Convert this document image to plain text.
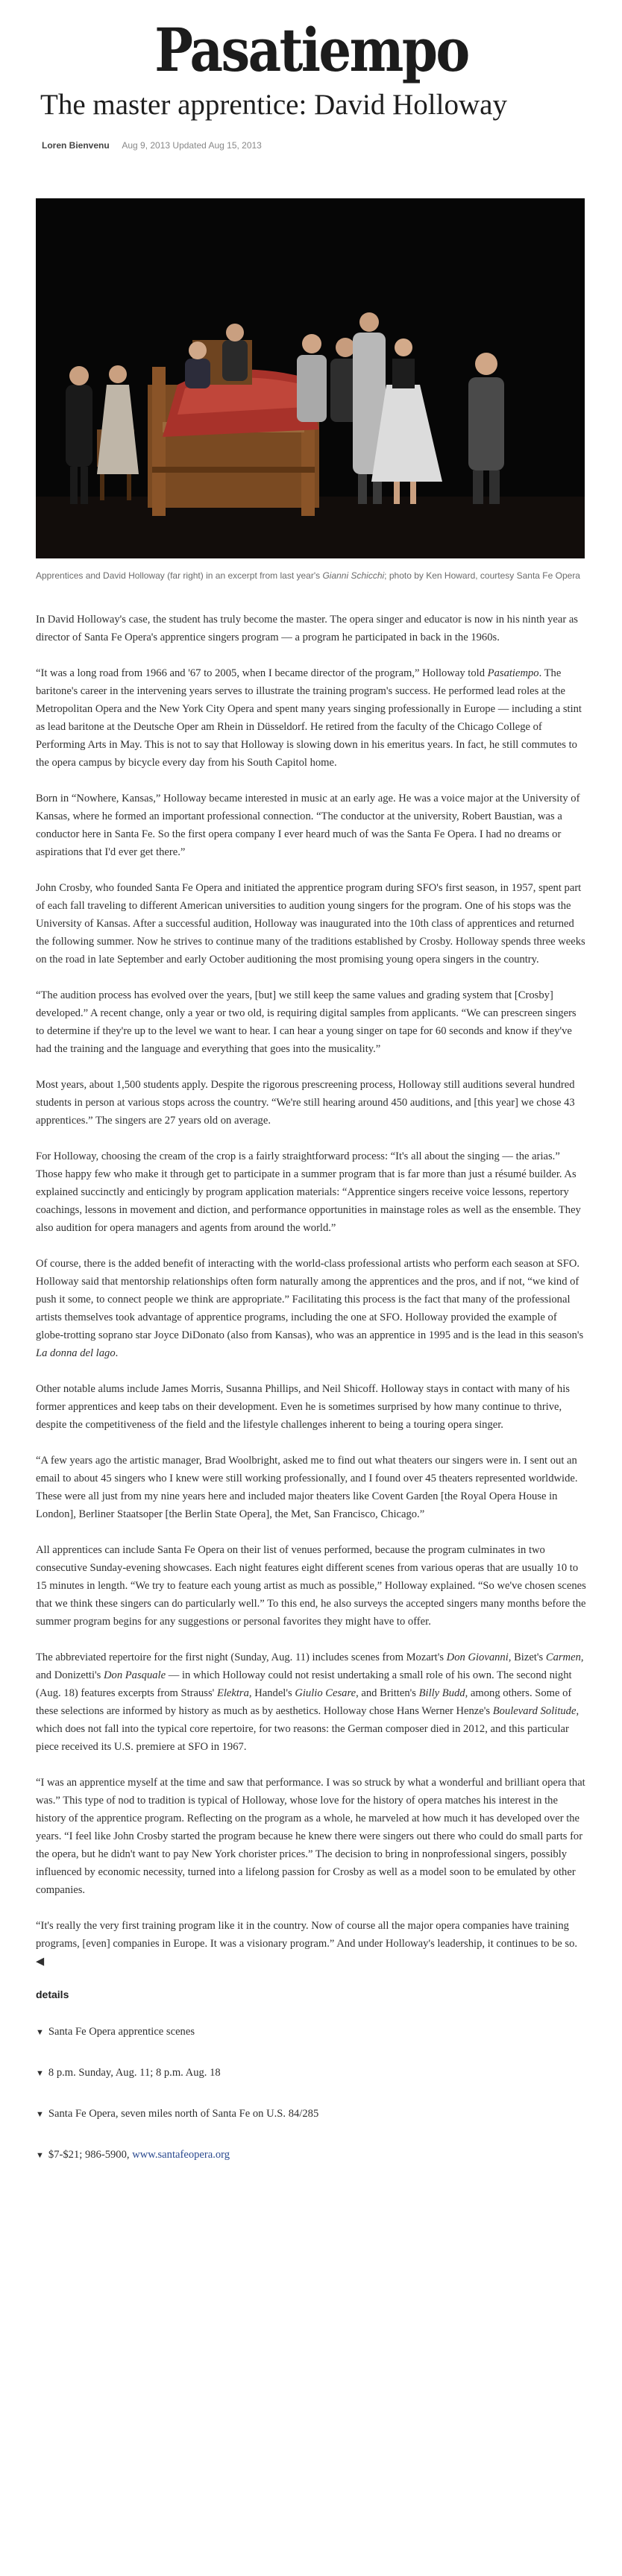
Pasatiempo
The master apprentice: David Holloway
Loren Bienvenu Aug 9, 2013 Updated Aug 15, 2013
Apprentices and David Holloway (far right) in an excerpt from last year's Gianni Schicchi; photo by Ken Howard, courtesy Santa Fe Opera

In David Holloway's case, the student has truly become the master. The opera singer and educator is now in his ninth year as director of Santa Fe Opera's apprentice singers program — a program he participated in back in the 1960s.

“It was a long road from 1966 and '67 to 2005, when I became director of the program,” Holloway told Pasatiempo. The baritone's career in the intervening years serves to illustrate the training program's success. He performed lead roles at the Metropolitan Opera and the New York City Opera and spent many years singing professionally in Europe — including a stint as lead baritone at the Deutsche Oper am Rhein in Düsseldorf. He retired from the faculty of the Chicago College of Performing Arts in May. This is not to say that Holloway is slowing down in his emeritus years. In fact, he still commutes to the opera campus by bicycle every day from his South Capitol home.

Born in “Nowhere, Kansas,” Holloway became interested in music at an early age. He was a voice major at the University of Kansas, where he formed an important professional connection. “The conductor at the university, Robert Baustian, was a conductor here in Santa Fe. So the first opera company I ever heard much of was the Santa Fe Opera. I had no dreams or aspirations that I'd ever get there.”

John Crosby, who founded Santa Fe Opera and initiated the apprentice program during SFO's first season, in 1957, spent part of each fall traveling to different American universities to audition young singers for the program. One of his stops was the University of Kansas. After a successful audition, Holloway was inaugurated into the 10th class of apprentices and returned the following summer. Now he strives to continue many of the traditions established by Crosby. Holloway spends three weeks on the road in late September and early October auditioning the most promising young opera singers in the country.

“The audition process has evolved over the years, [but] we still keep the same values and grading system that [Crosby] developed.” A recent change, only a year or two old, is requiring digital samples from applicants. “We can prescreen singers to determine if they're up to the level we want to hear. I can hear a young singer on tape for 60 seconds and know if they've had the training and the language and everything that goes into the musicality.”

Most years, about 1,500 students apply. Despite the rigorous prescreening process, Holloway still auditions several hundred students in person at various stops across the country. “We're still hearing around 450 auditions, and [this year] we chose 43 apprentices.” The singers are 27 years old on average.

For Holloway, choosing the cream of the crop is a fairly straightforward process: “It's all about the singing — the arias.” Those happy few who make it through get to participate in a summer program that is far more than just a résumé builder. As explained succinctly and enticingly by program application materials: “Apprentice singers receive voice lessons, repertory coachings, lessons in movement and diction, and performance opportunities in mainstage roles as well as the ensemble. They also audition for opera managers and agents from around the world.”

Of course, there is the added benefit of interacting with the world-class professional artists who perform each season at SFO. Holloway said that mentorship relationships often form naturally among the apprentices and the pros, and if not, “we kind of push it some, to connect people we think are appropriate.” Facilitating this process is the fact that many of the professional artists themselves took advantage of apprentice programs, including the one at SFO. Holloway provided the example of globe-trotting soprano star Joyce DiDonato (also from Kansas), who was an apprentice in 1995 and is the lead in this season's La donna del lago.

Other notable alums include James Morris, Susanna Phillips, and Neil Shicoff. Holloway stays in contact with many of his former apprentices and keep tabs on their development. Even he is sometimes surprised by how many continue to thrive, despite the competitiveness of the field and the lifestyle challenges inherent to being a touring opera singer.

“A few years ago the artistic manager, Brad Woolbright, asked me to find out what theaters our singers were in. I sent out an email to about 45 singers who I knew were still working professionally, and I found over 45 theaters represented worldwide. These were all just from my nine years here and included major theaters like Covent Garden [the Royal Opera House in London], Berliner Staatsoper [the Berlin State Opera], the Met, San Francisco, Chicago.”

All apprentices can include Santa Fe Opera on their list of venues performed, because the program culminates in two consecutive Sunday-evening showcases. Each night features eight different scenes from various operas that are usually 10 to 15 minutes in length. “We try to feature each young artist as much as possible,” Holloway explained. “So we've chosen scenes that we think these singers can do particularly well.” To this end, he also surveys the accepted singers many months before the summer program begins for any suggestions or personal favorites they might have to offer.

The abbreviated repertoire for the first night (Sunday, Aug. 11) includes scenes from Mozart's Don Giovanni, Bizet's Carmen, and Donizetti's Don Pasquale — in which Holloway could not resist undertaking a small role of his own. The second night (Aug. 18) features excerpts from Strauss' Elektra, Handel's Giulio Cesare, and Britten's Billy Budd, among others. Some of these selections are informed by history as much as by aesthetics. Holloway chose Hans Werner Henze's Boulevard Solitude, which does not fall into the typical core repertoire, for two reasons: the German composer died in 2012, and this particular piece received its U.S. premiere at SFO in 1967.

“I was an apprentice myself at the time and saw that performance. I was so struck by what a wonderful and brilliant opera that was.” This type of nod to tradition is typical of Holloway, whose love for the history of opera matches his interest in the history of the apprentice program. Reflecting on the program as a whole, he marveled at how much it has developed over the years. “I feel like John Crosby started the program because he knew there were singers out there who could do small parts for the opera, but he didn't want to pay New York chorister prices.” The decision to bring in nonprofessional singers, possibly influenced by economic necessity, turned into a lifelong passion for Crosby as well as a model soon to be emulated by other companies.

“It's really the very first training program like it in the country. Now of course all the major opera companies have training programs, [even] companies in Europe. It was a visionary program.” And under Holloway's leadership, it continues to be so. ◀

details
▼ Santa Fe Opera apprentice scenes
▼ 8 p.m. Sunday, Aug. 11; 8 p.m. Aug. 18
▼ Santa Fe Opera, seven miles north of Santa Fe on U.S. 84/285
▼ $7-$21; 986-5900, www.santafeopera.org
